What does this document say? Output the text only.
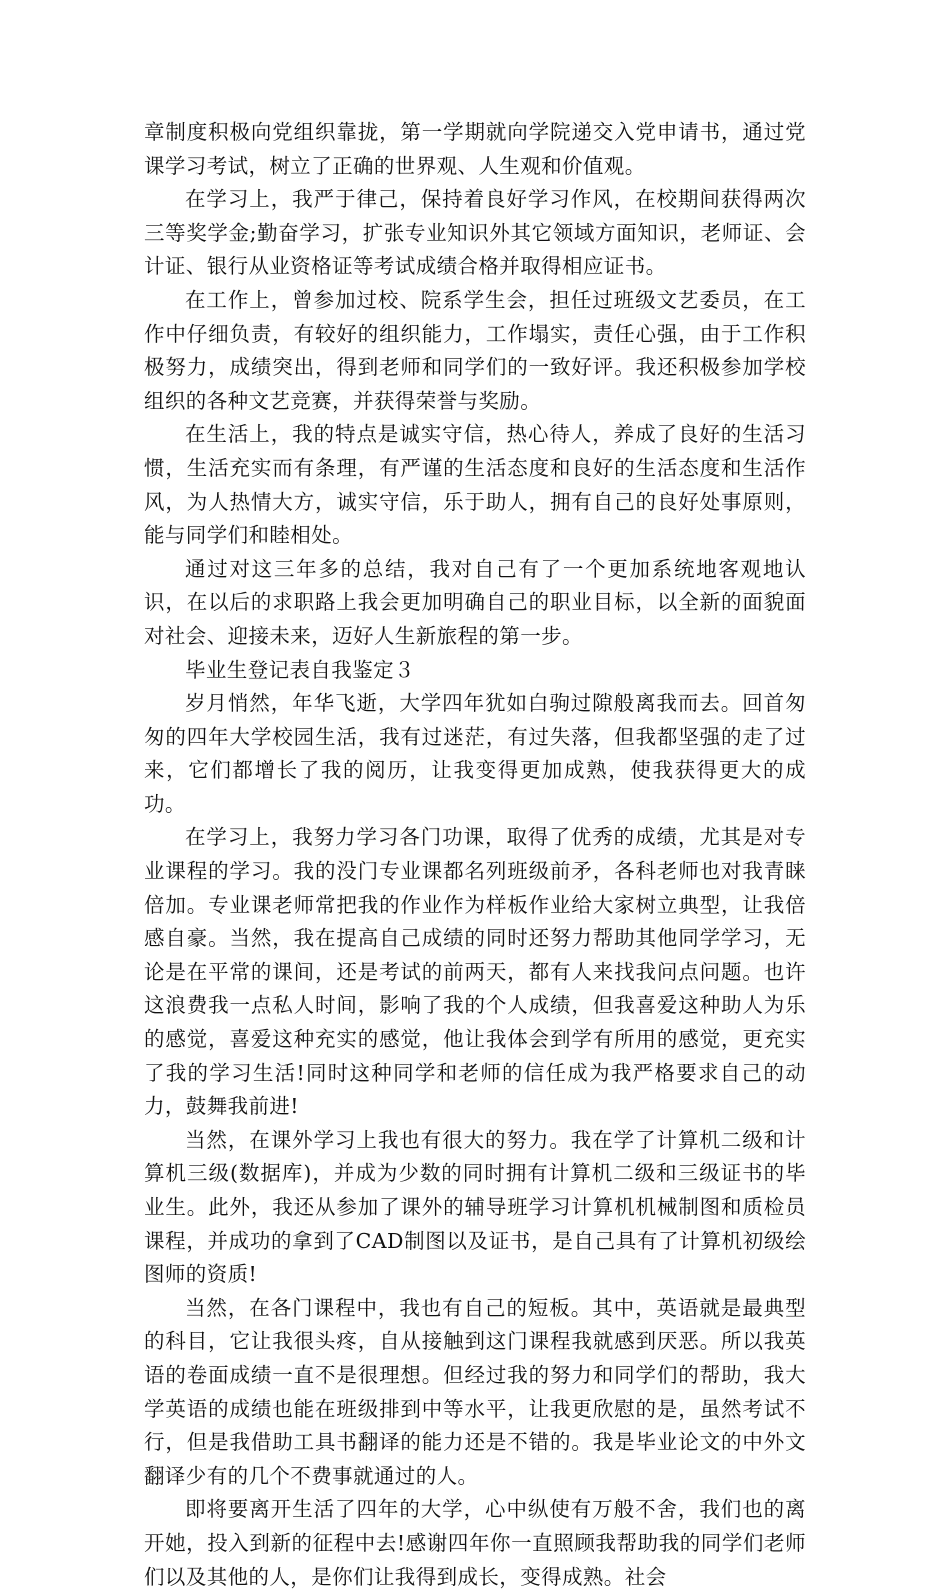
章制度积极向党组织靠拢，第一学期就向学院递交入党申请书，通过党课学习考试，树立了正确的世界观、人生观和价值观。

在学习上，我严于律己，保持着良好学习作风，在校期间获得两次三等奖学金;勤奋学习，扩张专业知识外其它领域方面知识，老师证、会计证、银行从业资格证等考试成绩合格并取得相应证书。

在工作上，曾参加过校、院系学生会，担任过班级文艺委员，在工作中仔细负责，有较好的组织能力，工作塌实，责任心强，由于工作积极努力，成绩突出，得到老师和同学们的一致好评。我还积极参加学校组织的各种文艺竞赛，并获得荣誉与奖励。

在生活上，我的特点是诚实守信，热心待人，养成了良好的生活习惯，生活充实而有条理，有严谨的生活态度和良好的生活态度和生活作风，为人热情大方，诚实守信，乐于助人，拥有自己的良好处事原则，能与同学们和睦相处。

通过对这三年多的总结，我对自己有了一个更加系统地客观地认识，在以后的求职路上我会更加明确自己的职业目标，以全新的面貌面对社会、迎接未来，迈好人生新旅程的第一步。

毕业生登记表自我鉴定３

岁月悄然，年华飞逝，大学四年犹如白驹过隙般离我而去。回首匆匆的四年大学校园生活，我有过迷茫，有过失落，但我都坚强的走了过来，它们都增长了我的阅历，让我变得更加成熟，使我获得更大的成功。

在学习上，我努力学习各门功课，取得了优秀的成绩，尤其是对专业课程的学习。我的没门专业课都名列班级前矛，各科老师也对我青睐倍加。专业课老师常把我的作业作为样板作业给大家树立典型，让我倍感自豪。当然，我在提高自己成绩的同时还努力帮助其他同学学习，无论是在平常的课间，还是考试的前两天，都有人来找我问点问题。也许这浪费我一点私人时间，影响了我的个人成绩，但我喜爱这种助人为乐的感觉，喜爱这种充实的感觉，他让我体会到学有所用的感觉，更充实了我的学习生活!同时这种同学和老师的信任成为我严格要求自己的动力，鼓舞我前进!

当然，在课外学习上我也有很大的努力。我在学了计算机二级和计算机三级(数据库)，并成为少数的同时拥有计算机二级和三级证书的毕业生。此外，我还从参加了课外的辅导班学习计算机机械制图和质检员课程，并成功的拿到了CAD制图以及证书，是自己具有了计算机初级绘图师的资质!

当然，在各门课程中，我也有自己的短板。其中，英语就是最典型的科目，它让我很头疼，自从接触到这门课程我就感到厌恶。所以我英语的卷面成绩一直不是很理想。但经过我的努力和同学们的帮助，我大学英语的成绩也能在班级排到中等水平，让我更欣慰的是，虽然考试不行，但是我借助工具书翻译的能力还是不错的。我是毕业论文的中外文翻译少有的几个不费事就通过的人。

即将要离开生活了四年的大学，心中纵使有万般不舍，我们也的离开她，投入到新的征程中去!感谢四年你一直照顾我帮助我的同学们老师们以及其他的人，是你们让我得到成长，变得成熟。社会
